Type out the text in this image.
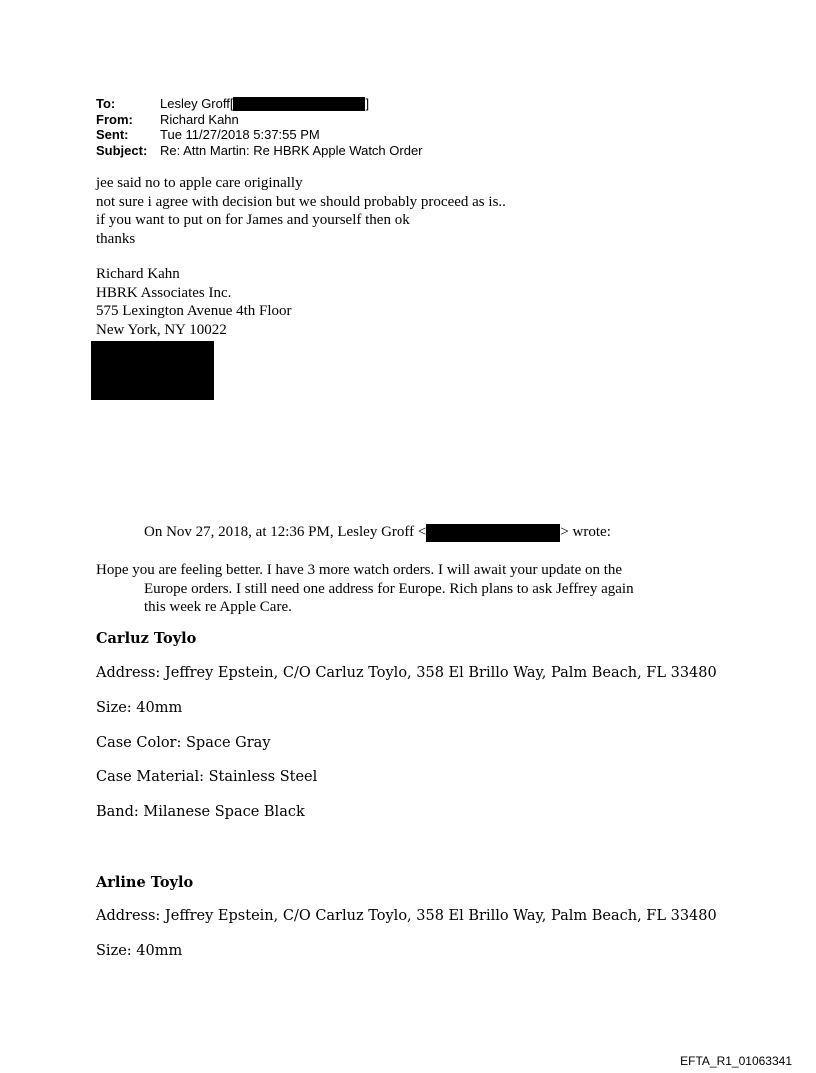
To:	Lesley Groff[	]
From:	Richard Kahn
Sent:	Tue 11/27/2018 5:37:55 PM
Subject: Re: Attn Martin: Re HBRK Apple Watch Order
jee said no to apple care originally
not sure i agree with decision but we should probably proceed as is..
if you want to put on for James and yourself then ok
thanks
Richard Kahn
HBRK Associates Inc.
575 Lexington Avenue 4th Floor
New York, NY 10022
On Nov 27, 2018, at 12:36 PM, Lesley Groff <	> wrote:
Hope you are feeling better. I have 3 more watch orders. I will await your update on the
Europe orders. I still need one address for Europe. Rich plans to ask Jeffrey again
this week re Apple Care.
Carluz Toylo
Address: Jeffrey Epstein, C/O Carluz Toylo, 358 El Brillo Way, Palm Beach, FL 33480
Size: 40mm
Case Color: Space Gray
Case Material: Stainless Steel
Band: Milanese Space Black
Arline Toylo
Address: Jeffrey Epstein, C/O Carluz Toylo, 358 El Brillo Way, Palm Beach, FL 33480
Size: 40mm
EFTA_R1_01063341
